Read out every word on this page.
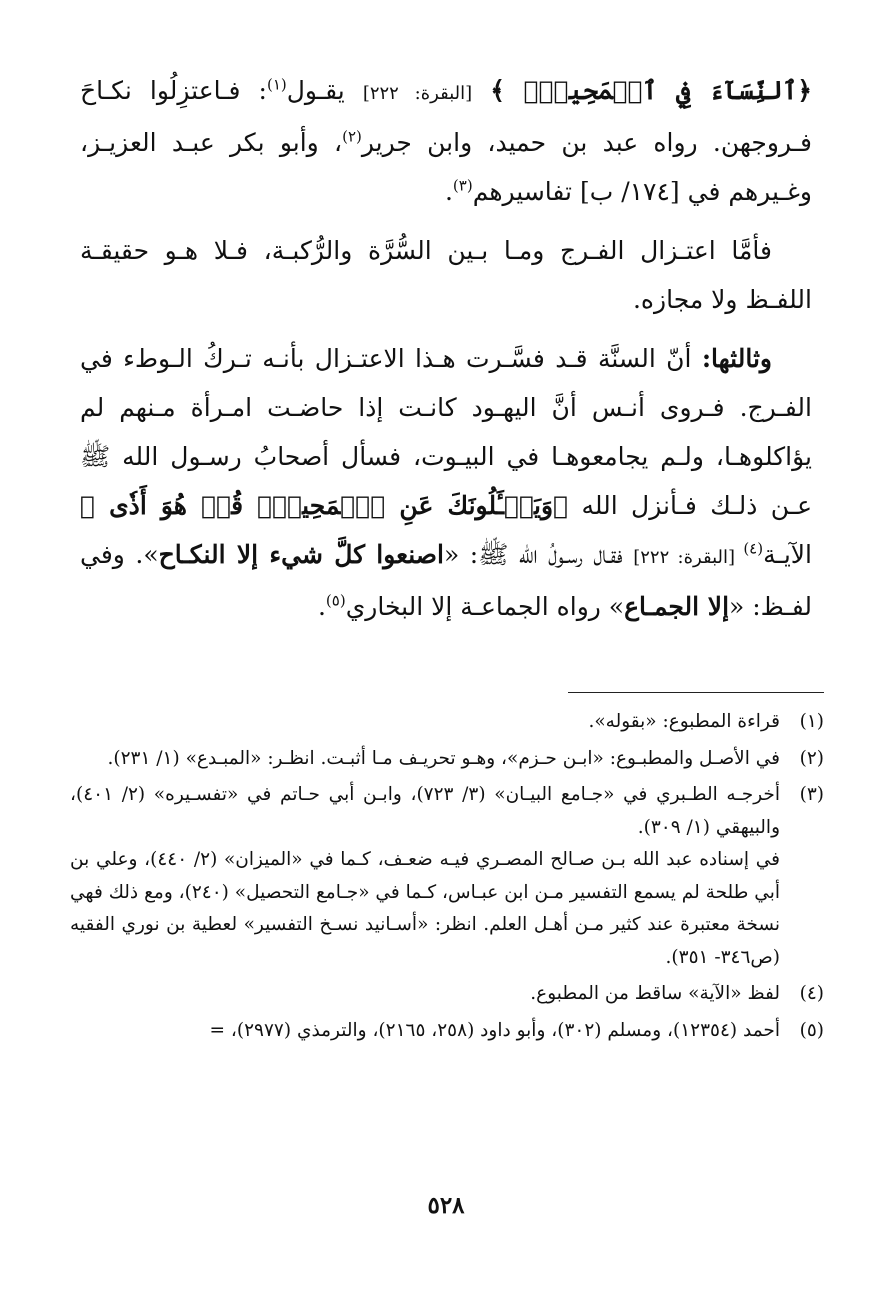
﴿ٱلنِّسَآءَ فِي ٱلۡمَحِيضِۖ ﴾ [البقرة: ٢٢٢] يقـول$^{(١)}$: فـاعتزِلُوا نكـاحَ فـروجهن. رواه عبد بن حميد، وابن جرير$^{(٢)}$، وأبو بكر عبـد العزيـز، وغـيرهم في [١٧٤/ ب] تفاسيرهم$^{(٣)}$.

فأمَّا اعتـزال الفـرج ومـا بـين السُّرَّة والرُّكبـة، فـلا هـو حقيقـة اللفـظ ولا مجازه.

وثالثها: أنّ السنَّة قـد فسَّـرت هـذا الاعتـزال بأنـه تـركُ الـوطء في الفـرج. فـروى أنـس أنَّ اليهـود كانـت إذا حاضـت امـرأة مـنهم لم يؤاكلوهـا، ولـم يجامعوهـا في البيـوت، فسأل أصحابُ رسـول الله ﷺ عـن ذلـك فـأنزل الله ﴿وَيَسۡـَٔلُونَكَ عَنِ ٱلۡمَحِيضِۖ قُلۡ هُوَ أَذٗى ﴾ الآيـة$^{(٤)}$ [البقرة: ٢٢٢] فقـال رسـولُ الله ﷺ: «اصنعوا كلَّ شيء إلا النكـاح». وفي لفـظ: «إلا الجمـاع» رواه الجماعـة إلا البخاري$^{(٥)}$.

(١)
قراءة المطبوع: «بقوله».
(٢)
في الأصـل والمطبـوع: «ابـن حـزم»، وهـو تحريـف مـا أثبـت. انظـر: «المبـدع» (١/ ٢٣١).
(٣)
أخرجـه الطـبري في «جـامع البيـان» (٣/ ٧٢٣)، وابـن أبي حـاتم في «تفسـيره» (٢/ ٤٠١)، والبيهقي (١/ ٣٠٩).
في إسناده عبد الله بـن صـالح المصـري فيـه ضعـف، كـما في «الميزان» (٢/ ٤٤٠)، وعلي بن أبي طلحة لم يسمع التفسير مـن ابن عبـاس، كـما في «جـامع التحصيل» (٢٤٠)، ومع ذلك فهي نسخة معتبرة عند كثير مـن أهـل العلم. انظر: «أسـانيد نسـخ التفسير» لعطية بن نوري الفقيه (ص٣٤٦- ٣٥١).
(٤)
لفظ «الآية» ساقط من المطبوع.
(٥)
أحمد (١٢٣٥٤)، ومسلم (٣٠٢)، وأبو داود (٢٥٨، ٢١٦٥)، والترمذي (٢٩٧٧)، =
٥٢٨
